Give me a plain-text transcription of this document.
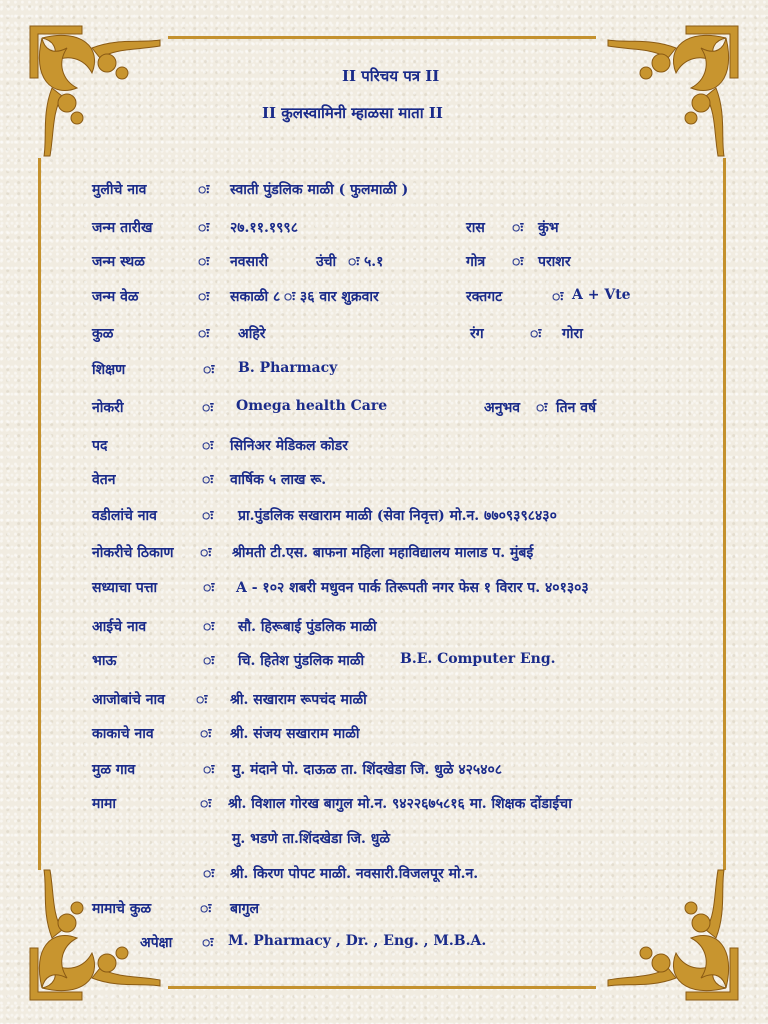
II परिचय पत्र II
II कुलस्वामिनी म्हाळसा माता II
मुलीचे नाव	ः स्वाती पुंडलिक माळी ( फुलमाळी )
जन्म तारीख	ः २७.११.१९९८	रास ः कुंभ
जन्म स्थळ	ः नवसारी	उंची ः ५.१	गोत्र ः पराशर
जन्म वेळ	ः सकाळी ८ ः ३६ वार शुक्रवार	रक्तगट	ः A + Vte
कुळ	ः अहिरे	रंग	ः गोरा
शिक्षण	ः B. Pharmacy
नोकरी	ः Omega health Care	अनुभव ः तिन वर्ष
पद	ः सिनिअर मेडिकल कोडर
वेतन	ः वार्षिक ५ लाख रू.
वडीलांचे नाव	ः प्रा.पुंडलिक सखाराम माळी (सेवा निवृत्त) मो.न. ७७०९३९८४३०
नोकरीचे ठिकाण ः श्रीमती टी.एस. बाफना महिला महाविद्यालय मालाड प. मुंबई
सध्याचा पत्ता	ः A - १०२ शबरी मधुवन पार्क तिरूपती नगर फेस १ विरार प. ४०१३०३
आईचे नाव	ः सौ. हिरूबाई पुंडलिक माळी
भाऊ	ः चि. हितेश पुंडलिक माळी	B.E. Computer Eng.
आजोबांचे नाव ः श्री. सखाराम रूपचंद माळी
काकाचे नाव	ः श्री. संजय सखाराम माळी
मुळ गाव	ः मु. मंदाने पो. दाऊळ ता. शिंदखेडा जि. धुळे ४२५४०८
मामा	ः श्री. विशाल गोरख बागुल मो.न. ९४२२६७५८१६ मा. शिक्षक दोंडाईचा
मु. भडणे ता.शिंदखेडा जि. धुळे
ः श्री. किरण पोपट माळी. नवसारी.विजलपूर मो.न.
मामाचे कुळ	ः बागुल
अपेक्षा ः M. Pharmacy , Dr. , Eng. , M.B.A.
